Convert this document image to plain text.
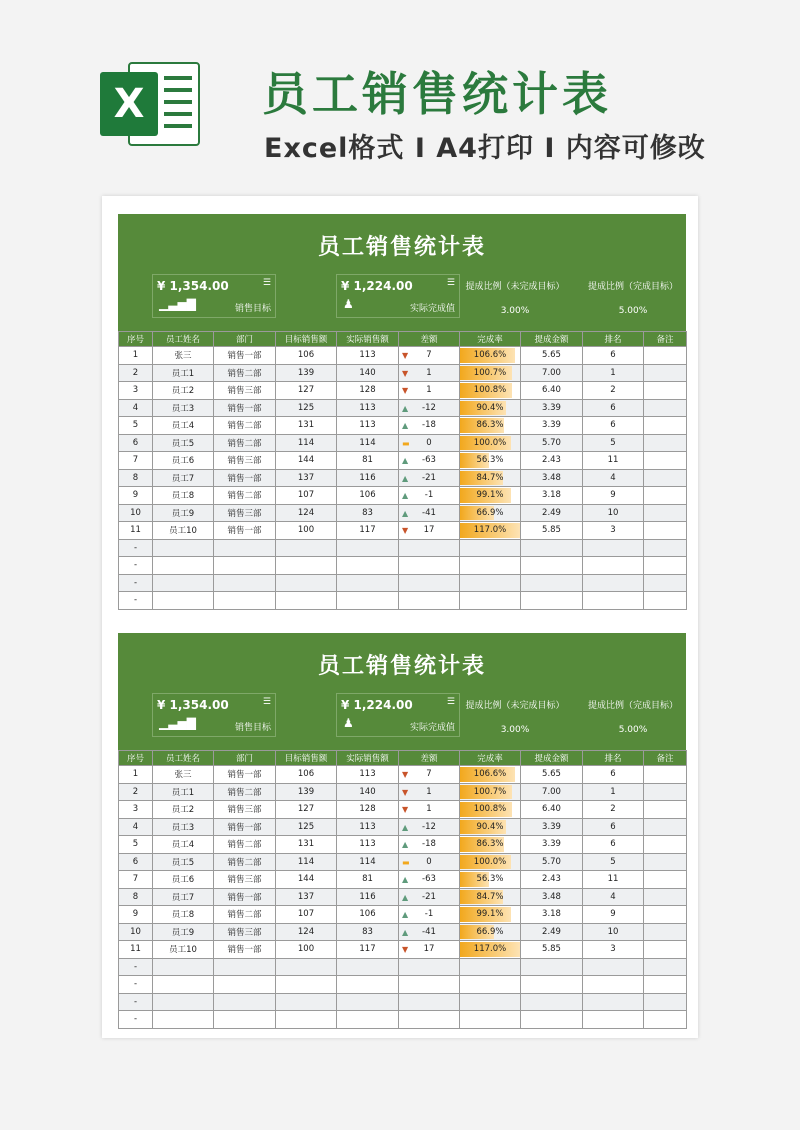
X	员工销售统计表
Excel格式 I A4打印 I 内容可修改
员工销售统计表
¥ 1,354.00	☰
▁▃▅▇	销售目标
¥ 1,224.00	☰
♟	实际完成值
提成比例（未完成目标）
3.00%
提成比例（完成目标）
5.00%
序号	员工姓名	部门	目标销售额	实际销售额	差额	完成率	提成金额	排名	备注
1	张三	销售一部	106	113	▼ 7	106.6%	5.65	6	
2	员工1	销售二部	139	140	▼ 1	100.7%	7.00	1	
3	员工2	销售三部	127	128	▼ 1	100.8%	6.40	2	
4	员工3	销售一部	125	113	▲ -12	90.4%	3.39	6	
5	员工4	销售二部	131	113	▲ -18	86.3%	3.39	6	
6	员工5	销售二部	114	114	▬ 0	100.0%	5.70	5	
7	员工6	销售三部	144	81	▲ -63	56.3%	2.43	11	
8	员工7	销售一部	137	116	▲ -21	84.7%	3.48	4	
9	员工8	销售二部	107	106	▲ -1	99.1%	3.18	9	
10	员工9	销售三部	124	83	▲ -41	66.9%	2.49	10	
11	员工10	销售一部	100	117	▼ 17	117.0%	5.85	3	
-									
-									
-									
-									
员工销售统计表
¥ 1,354.00	☰
▁▃▅▇	销售目标
¥ 1,224.00	☰
♟	实际完成值
提成比例（未完成目标）
3.00%
提成比例（完成目标）
5.00%
序号	员工姓名	部门	目标销售额	实际销售额	差额	完成率	提成金额	排名	备注
1	张三	销售一部	106	113	▼ 7	106.6%	5.65	6	
2	员工1	销售二部	139	140	▼ 1	100.7%	7.00	1	
3	员工2	销售三部	127	128	▼ 1	100.8%	6.40	2	
4	员工3	销售一部	125	113	▲ -12	90.4%	3.39	6	
5	员工4	销售二部	131	113	▲ -18	86.3%	3.39	6	
6	员工5	销售二部	114	114	▬ 0	100.0%	5.70	5	
7	员工6	销售三部	144	81	▲ -63	56.3%	2.43	11	
8	员工7	销售一部	137	116	▲ -21	84.7%	3.48	4	
9	员工8	销售二部	107	106	▲ -1	99.1%	3.18	9	
10	员工9	销售三部	124	83	▲ -41	66.9%	2.49	10	
11	员工10	销售一部	100	117	▼ 17	117.0%	5.85	3	
-									
-									
-									
-									
